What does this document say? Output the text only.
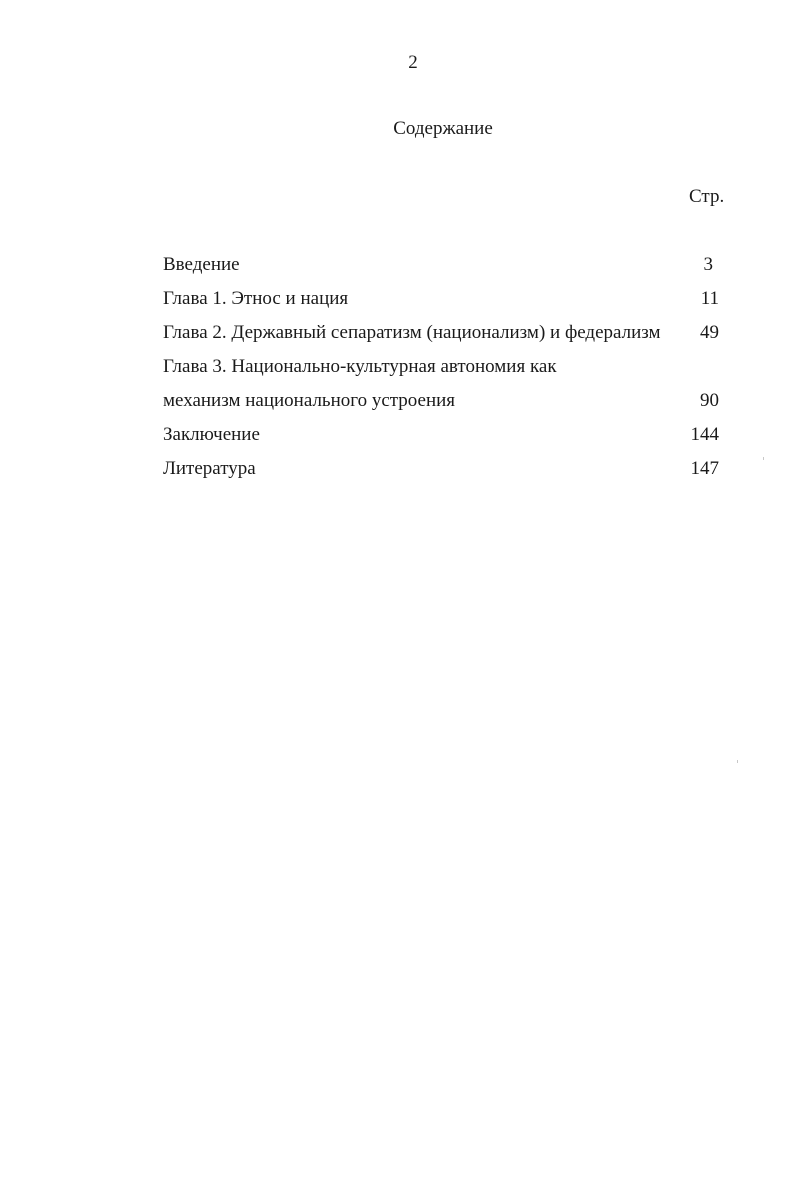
2
Содержание
Стр.
Введение	3
Глава 1. Этнос и нация	11
Глава 2. Державный сепаратизм (национализм) и федерализм	49
Глава 3. Национально-культурная автономия как
механизм национального устроения	90
Заключение	144
Литература	147
